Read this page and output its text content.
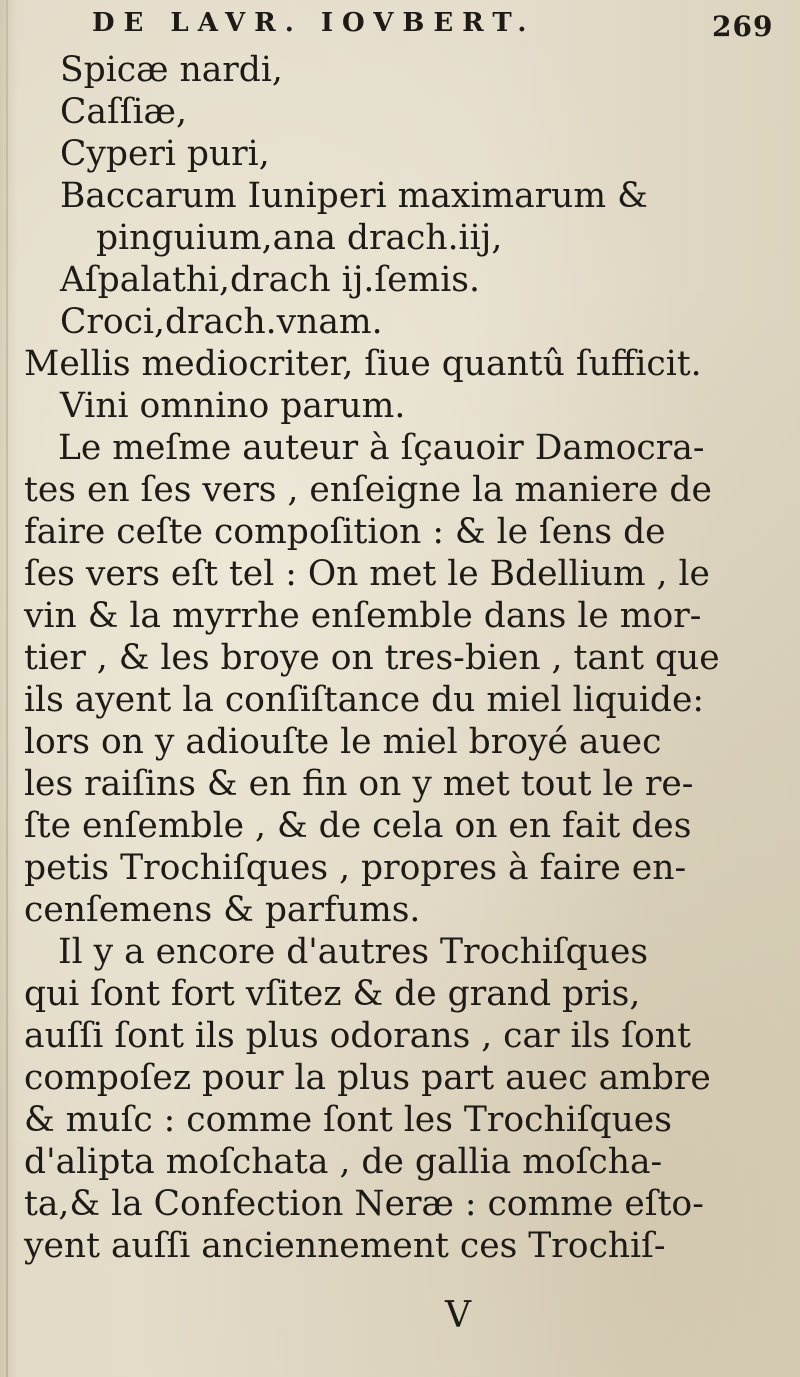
DE LAVR. IOVBERT.	269
Spicæ nardi,
Caſſiæ,
Cyperi puri,
Baccarum Iuniperi maximarum &
pinguium,ana drach.iij,
Aſpalathi,drach ij.ſemis.
Croci,drach.vnam.
Mellis mediocriter, ſiue quantû ſufficit.
Vini omnino parum.
Le meſme auteur à ſçauoir Damocra-
tes en ſes vers , enſeigne la maniere de
faire ceſte compoſition : & le ſens de
ſes vers eſt tel : On met le Bdellium , le
vin & la myrrhe enſemble dans le mor-
tier , & les broye on tres-bien , tant que
ils ayent la conſiſtance du miel liquide:
lors on y adiouſte le miel broyé auec
les raiſins & en fin on y met tout le re-
ſte enſemble , & de cela on en fait des
petis Trochiſques , propres à faire en-
cenſemens & parfums.
Il y a encore d'autres Trochiſques
qui ſont fort vſitez & de grand pris,
auſſi ſont ils plus odorans , car ils ſont
compoſez pour la plus part auec ambre
& muſc : comme ſont les Trochiſques
d'alipta moſchata , de gallia moſcha-
ta,& la Confection Neræ : comme eſto-
yent auſſi anciennement ces Trochiſ-
V
